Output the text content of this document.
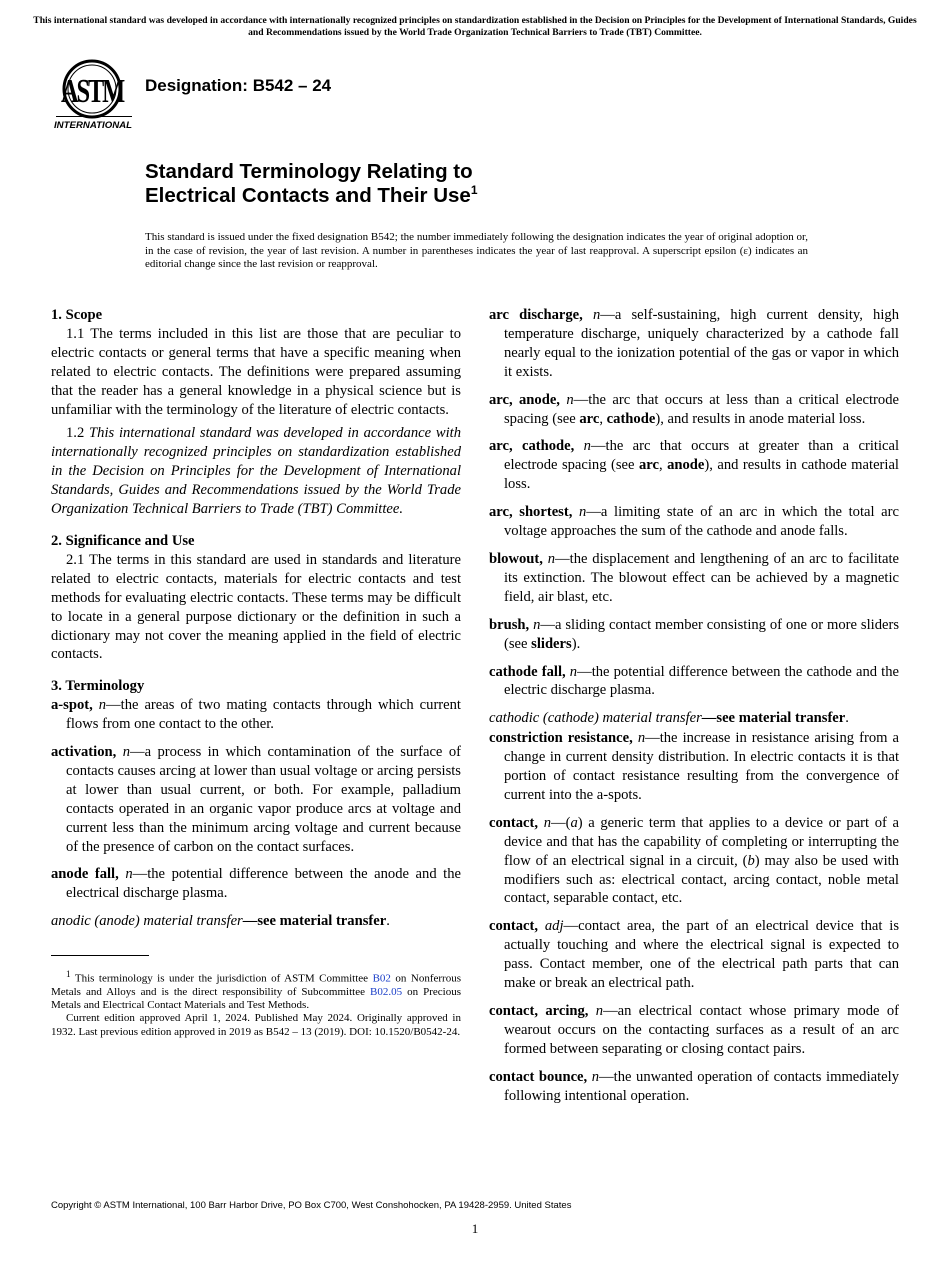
This international standard was developed in accordance with internationally recognized principles on standardization established in the Decision on Principles for the Development of International Standards, Guides and Recommendations issued by the World Trade Organization Technical Barriers to Trade (TBT) Committee.
ASTM
INTERNATIONAL
Designation: B542 – 24
Standard Terminology Relating to
Electrical Contacts and Their Use$^1$
This standard is issued under the fixed designation B542; the number immediately following the designation indicates the year of original adoption or, in the case of revision, the year of last revision. A number in parentheses indicates the year of last reapproval. A superscript epsilon (ε) indicates an editorial change since the last revision or reapproval.

1. Scope

1.1 The terms included in this list are those that are peculiar to electric contacts or general terms that have a specific meaning when related to electric contacts. The definitions were prepared assuming that the reader has a general knowledge in a physical science but is unfamiliar with the terminology of the literature of electric contacts.

1.2 This international standard was developed in accordance with internationally recognized principles on standardization established in the Decision on Principles for the Development of International Standards, Guides and Recommendations issued by the World Trade Organization Technical Barriers to Trade (TBT) Committee.

2. Significance and Use

2.1 The terms in this standard are used in standards and literature related to electric contacts, materials for electric contacts and test methods for evaluating electric contacts. These terms may be difficult to locate in a general purpose dictionary or the definition in such a dictionary may not cover the meaning applied in the field of electric contacts.

3. Terminology

a-spot, n—the areas of two mating contacts through which current flows from one contact to the other.

activation, n—a process in which contamination of the surface of contacts causes arcing at lower than usual voltage or arcing persists at lower than usual current, or both. For example, palladium contacts operated in an organic vapor produce arcs at voltage and current less than the minimum arcing voltage and current because of the presence of carbon on the contact surfaces.

anode fall, n—the potential difference between the anode and the electrical discharge plasma.

anodic (anode) material transfer—see material transfer.

$^1$ This terminology is under the jurisdiction of ASTM Committee B02 on Nonferrous Metals and Alloys and is the direct responsibility of Subcommittee B02.05 on Precious Metals and Electrical Contact Materials and Test Methods.

Current edition approved April 1, 2024. Published May 2024. Originally approved in 1932. Last previous edition approved in 2019 as B542 – 13 (2019). DOI: 10.1520/B0542-24.

arc discharge, n—a self-sustaining, high current density, high temperature discharge, uniquely characterized by a cathode fall nearly equal to the ionization potential of the gas or vapor in which it exists.

arc, anode, n—the arc that occurs at less than a critical electrode spacing (see arc, cathode), and results in anode material loss.

arc, cathode, n—the arc that occurs at greater than a critical electrode spacing (see arc, anode), and results in cathode material loss.

arc, shortest, n—a limiting state of an arc in which the total arc voltage approaches the sum of the cathode and anode falls.

blowout, n—the displacement and lengthening of an arc to facilitate its extinction. The blowout effect can be achieved by a magnetic field, air blast, etc.

brush, n—a sliding contact member consisting of one or more sliders (see sliders).

cathode fall, n—the potential difference between the cathode and the electric discharge plasma.

cathodic (cathode) material transfer—see material transfer.

constriction resistance, n—the increase in resistance arising from a change in current density distribution. In electric contacts it is that portion of contact resistance resulting from the convergence of current into the a-spots.

contact, n—(a) a generic term that applies to a device or part of a device and that has the capability of completing or interrupting the flow of an electrical signal in a circuit, (b) may also be used with modifiers such as: electrical contact, arcing contact, noble metal contact, separable contact, etc.

contact, adj—contact area, the part of an electrical device that is actually touching and where the electrical signal is expected to pass. Contact member, one of the electrical path parts that can make or break an electrical path.

contact, arcing, n—an electrical contact whose primary mode of wearout occurs on the contacting surfaces as a result of an arc formed between separating or closing contact pairs.

contact bounce, n—the unwanted operation of contacts immediately following intentional operation.

Copyright © ASTM International, 100 Barr Harbor Drive, PO Box C700, West Conshohocken, PA 19428-2959. United States
1
